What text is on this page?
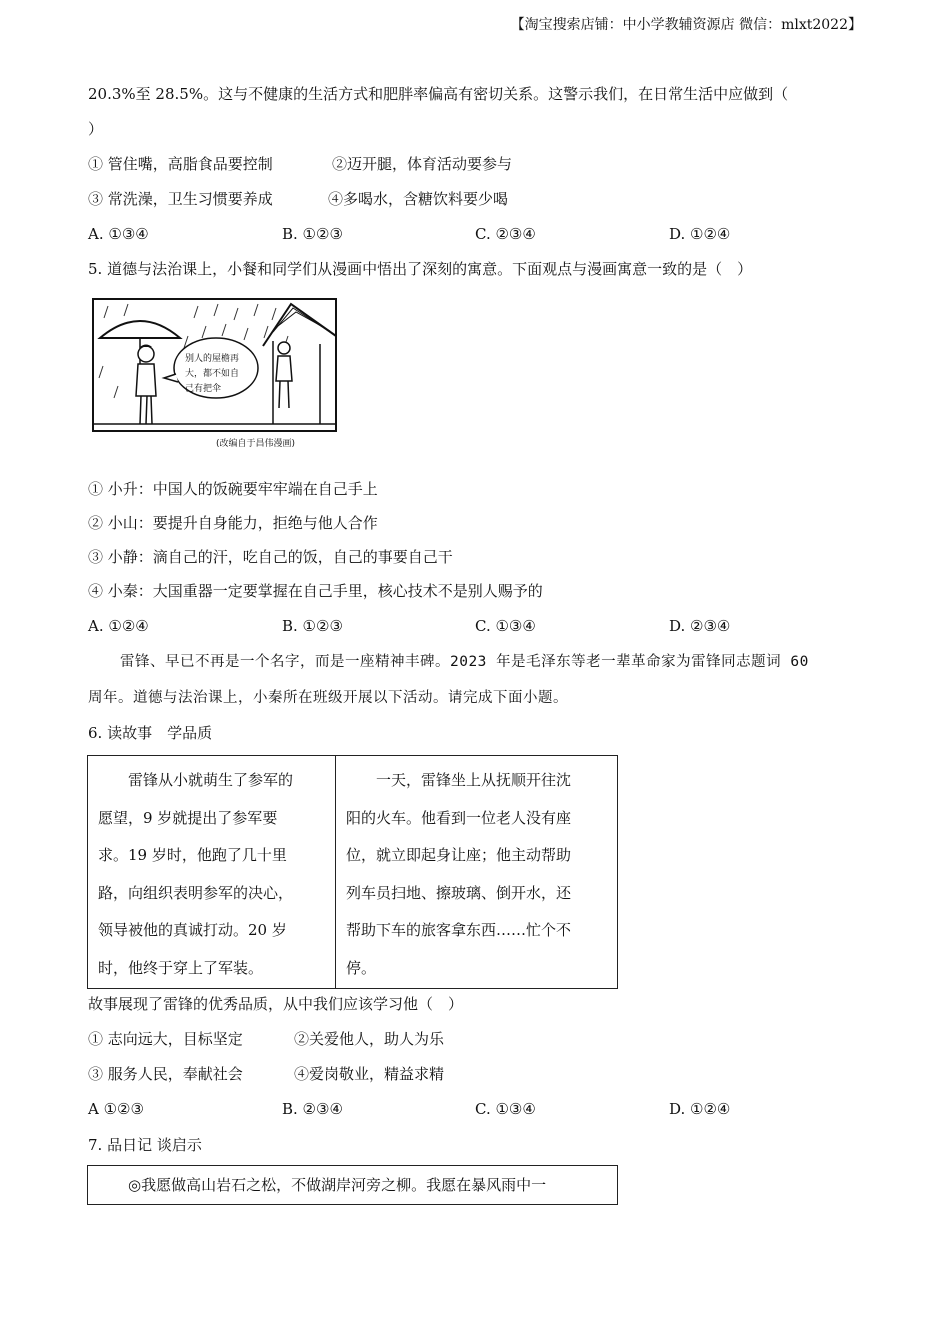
【淘宝搜索店铺：中小学教辅资源店 微信：mlxt2022】
20.3%至 28.5%。这与不健康的生活方式和肥胖率偏高有密切关系。这警示我们，在日常生活中应做到（
）
① 管住嘴，高脂食品要控制	②迈开腿，体育活动要参与
③ 常洗澡，卫生习惯要养成	④多喝水，含糖饮料要少喝
A. ①③④	B. ①②③	C. ②③④	D. ①②④
5. 道德与法治课上，小餐和同学们从漫画中悟出了深刻的寓意。下面观点与漫画寓意一致的是（　）
别人的屋檐再
大，都不如自
己有把伞
(改编自于昌伟漫画)
① 小升：中国人的饭碗要牢牢端在自己手上
② 小山：要提升自身能力，拒绝与他人合作
③ 小静：滴自己的汗，吃自己的饭，自己的事要自己干
④ 小秦：大国重器一定要掌握在自己手里，核心技术不是别人赐予的
A. ①②④	B. ①②③	C. ①③④	D. ②③④
雷锋、早已不再是一个名字，而是一座精神丰碑。2023 年是毛泽东等老一辈革命家为雷锋同志题词 60
周年。道德与法治课上，小秦所在班级开展以下活动。请完成下面小题。
6. 读故事　学品质
雷锋从小就萌生了参军的
愿望，9 岁就提出了参军要
求。19 岁时，他跑了几十里
路，向组织表明参军的决心，
领导被他的真诚打动。20 岁
时，他终于穿上了军装。
一天，雷锋坐上从抚顺开往沈
阳的火车。他看到一位老人没有座
位，就立即起身让座；他主动帮助
列车员扫地、擦玻璃、倒开水，还
帮助下车的旅客拿东西……忙个不
停。
故事展现了雷锋的优秀品质，从中我们应该学习他（　）
① 志向远大，目标坚定	②关爱他人，助人为乐
③ 服务人民，奉献社会	④爱岗敬业，精益求精
A ①②③	B. ②③④	C. ①③④	D. ①②④
7. 品日记 谈启示
◎我愿做高山岩石之松，不做湖岸河旁之柳。我愿在暴风雨中一
